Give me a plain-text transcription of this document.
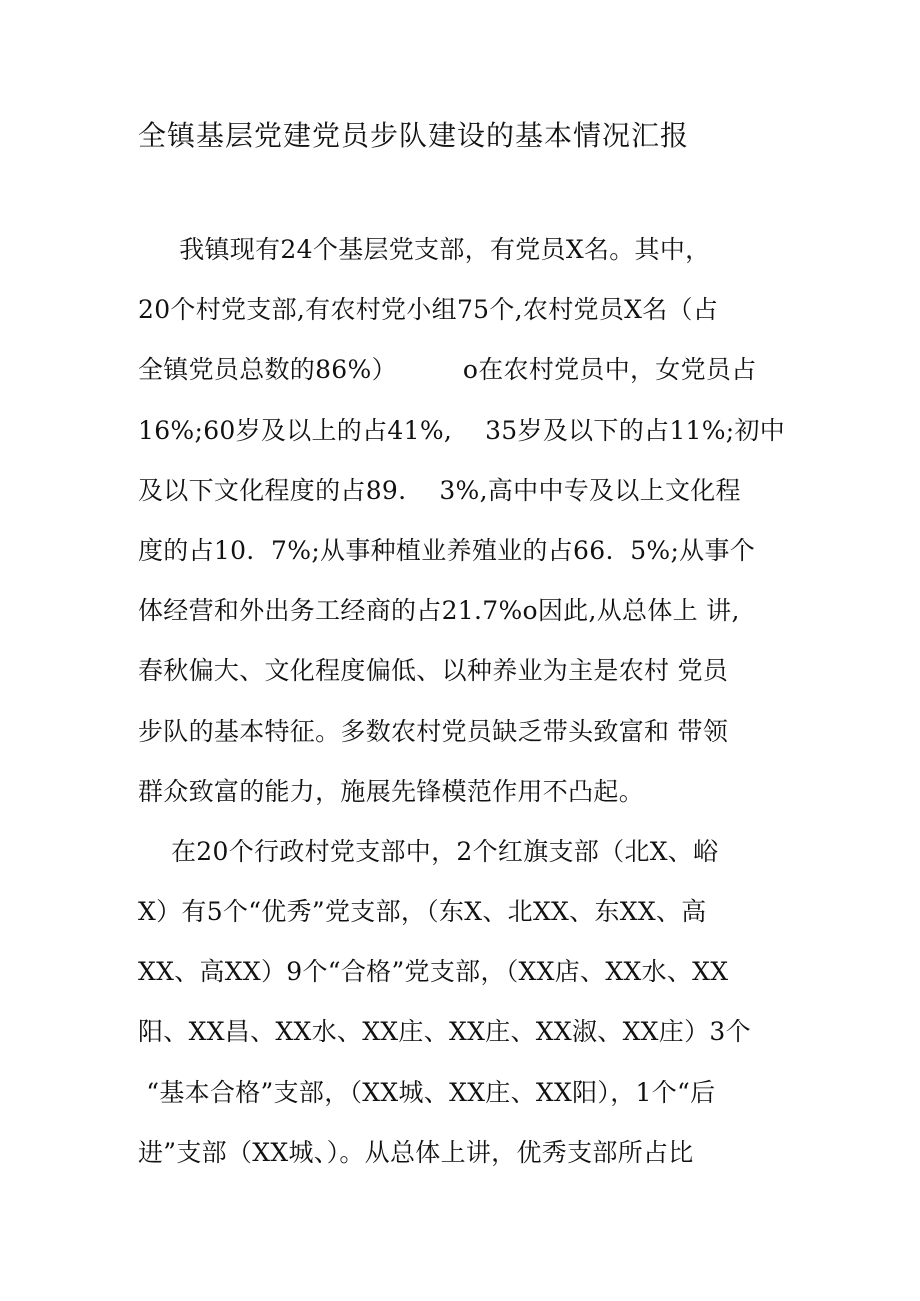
全镇基层党建党员步队建设的基本情况汇报
我镇现有24个基层党支部，有党员X名。其中，
20个村党支部,有农村党小组75个,农村党员X名（占
全镇党员总数的86%）        o在农村党员中，女党员占
16%;60岁及以上的占41%,    35岁及以下的占11%;初中
及以下文化程度的占89.    3%,高中中专及以上文化程
度的占10.  7%;从事种植业养殖业的占66.  5%;从事个
体经营和外出务工经商的占21.7%o因此,从总体上 讲,
春秋偏大、文化程度偏低、以种养业为主是农村 党员
步队的基本特征。多数农村党员缺乏带头致富和 带领
群众致富的能力，施展先锋模范作用不凸起。
在20个行政村党支部中，2个红旗支部（北X、峪
X）有5个“优秀”党支部，（东X、北XX、东XX、高
XX、高XX）9个“合格”党支部，（XX店、XX水、XX
阳、XX昌、XX水、XX庄、XX庄、XX淑、XX庄）3个
“基本合格”支部，（XX城、XX庄、XX阳），1个“后
进”支部（XX城、）。从总体上讲，优秀支部所占比
